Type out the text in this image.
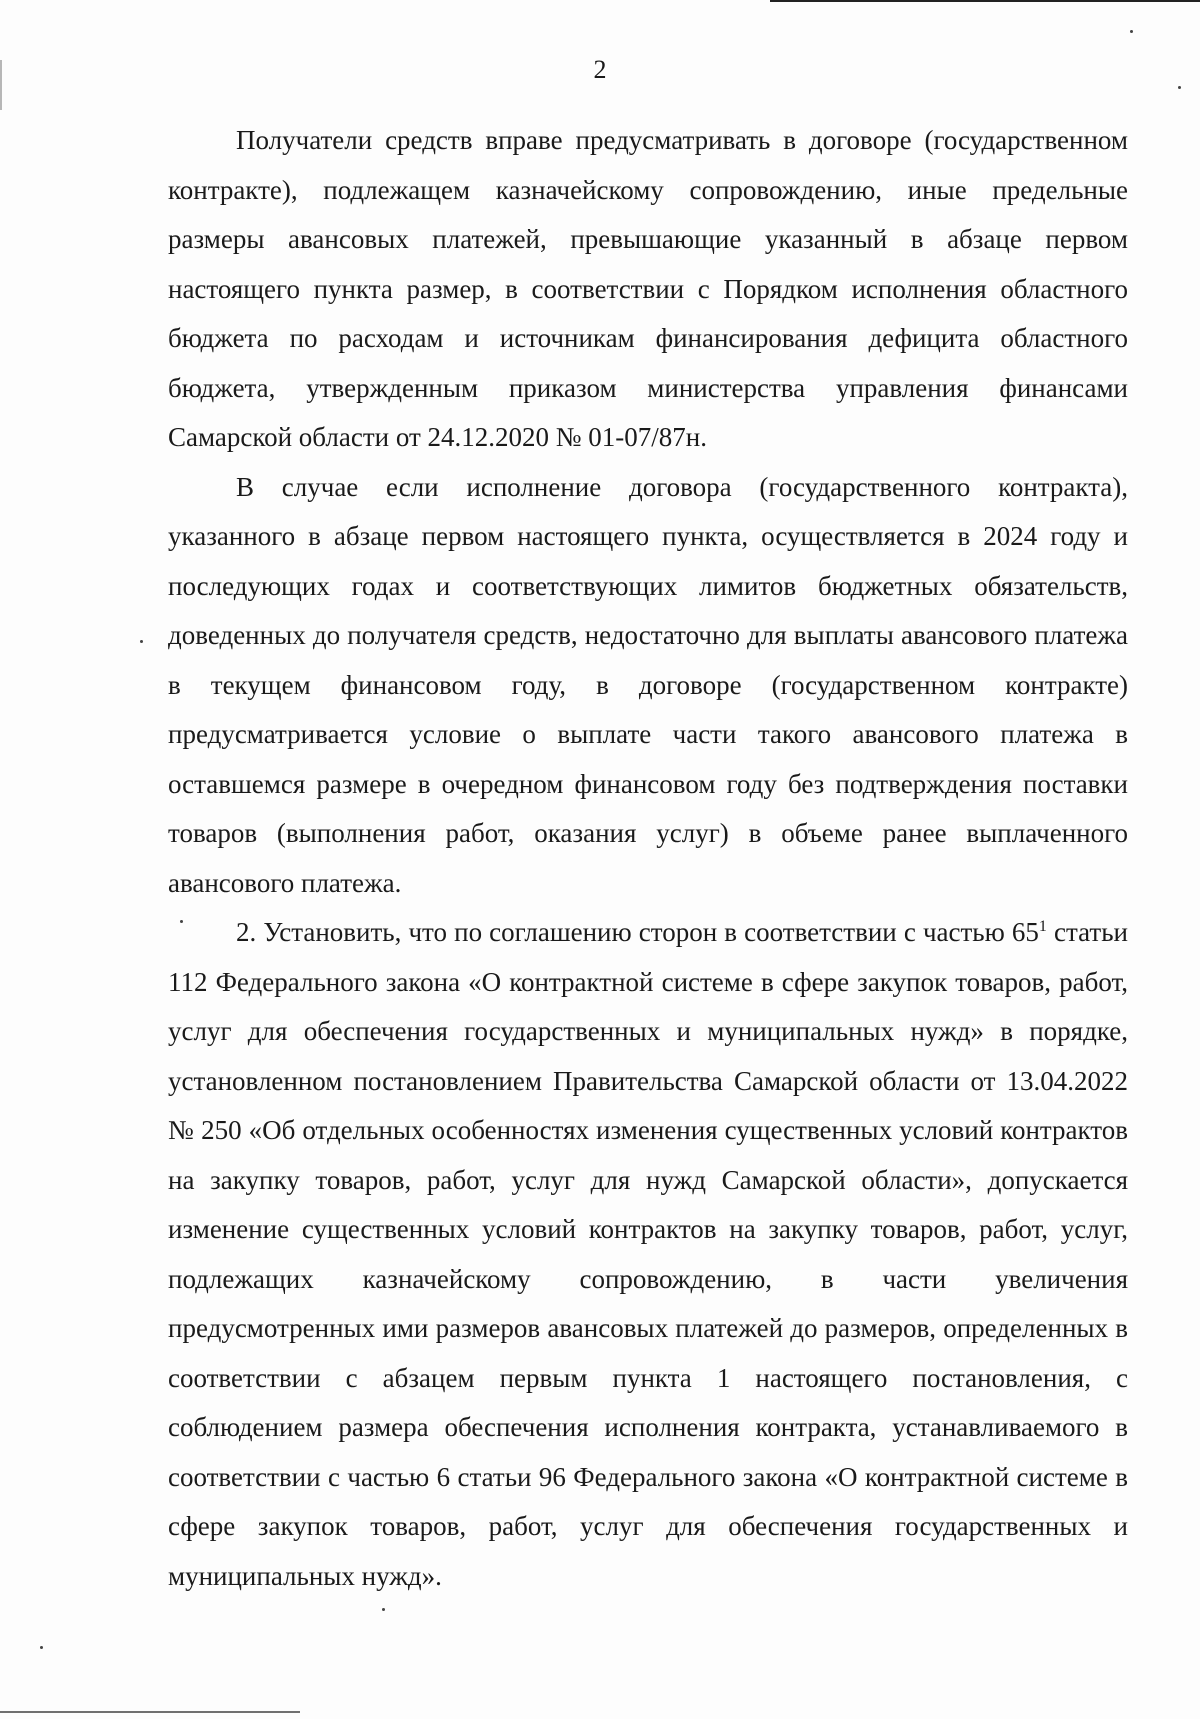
2

Получатели средств вправе предусматривать в договоре (государственном контракте), подлежащем казначейскому сопровождению, иные предельные размеры авансовых платежей, превышающие указанный в абзаце первом настоящего пункта размер, в соответствии с Порядком исполнения областного бюджета по расходам и источникам финансирования дефицита областного бюджета, утвержденным приказом министерства управления финансами Самарской области от 24.12.2020 № 01-07/87н.

В случае если исполнение договора (государственного контракта), указанного в абзаце первом настоящего пункта, осуществляется в 2024 году и последующих годах и соответствующих лимитов бюджетных обязательств, доведенных до получателя средств, недостаточно для выплаты авансового платежа в текущем финансовом году, в договоре (государственном контракте) предусматривается условие о выплате части такого авансового платежа в оставшемся размере в очередном финансовом году без подтверждения поставки товаров (выполнения работ, оказания услуг) в объеме ранее выплаченного авансового платежа.

2. Установить, что по соглашению сторон в соответствии с частью $65^1$ статьи 112 Федерального закона «О контрактной системе в сфере закупок товаров, работ, услуг для обеспечения государственных и муниципальных нужд» в порядке, установленном постановлением Правительства Самарской области от 13.04.2022 № 250 «Об отдельных особенностях изменения существенных условий контрактов на закупку товаров, работ, услуг для нужд Самарской области», допускается изменение существенных условий контрактов на закупку товаров, работ, услуг, подлежащих казначейскому сопровождению, в части увеличения предусмотренных ими размеров авансовых платежей до размеров, определенных в соответствии с абзацем первым пункта 1 настоящего постановления, с соблюдением размера обеспечения исполнения контракта, устанавливаемого в соответствии с частью 6 статьи 96 Федерального закона «О контрактной системе в сфере закупок товаров, работ, услуг для обеспечения государственных и муниципальных нужд».
